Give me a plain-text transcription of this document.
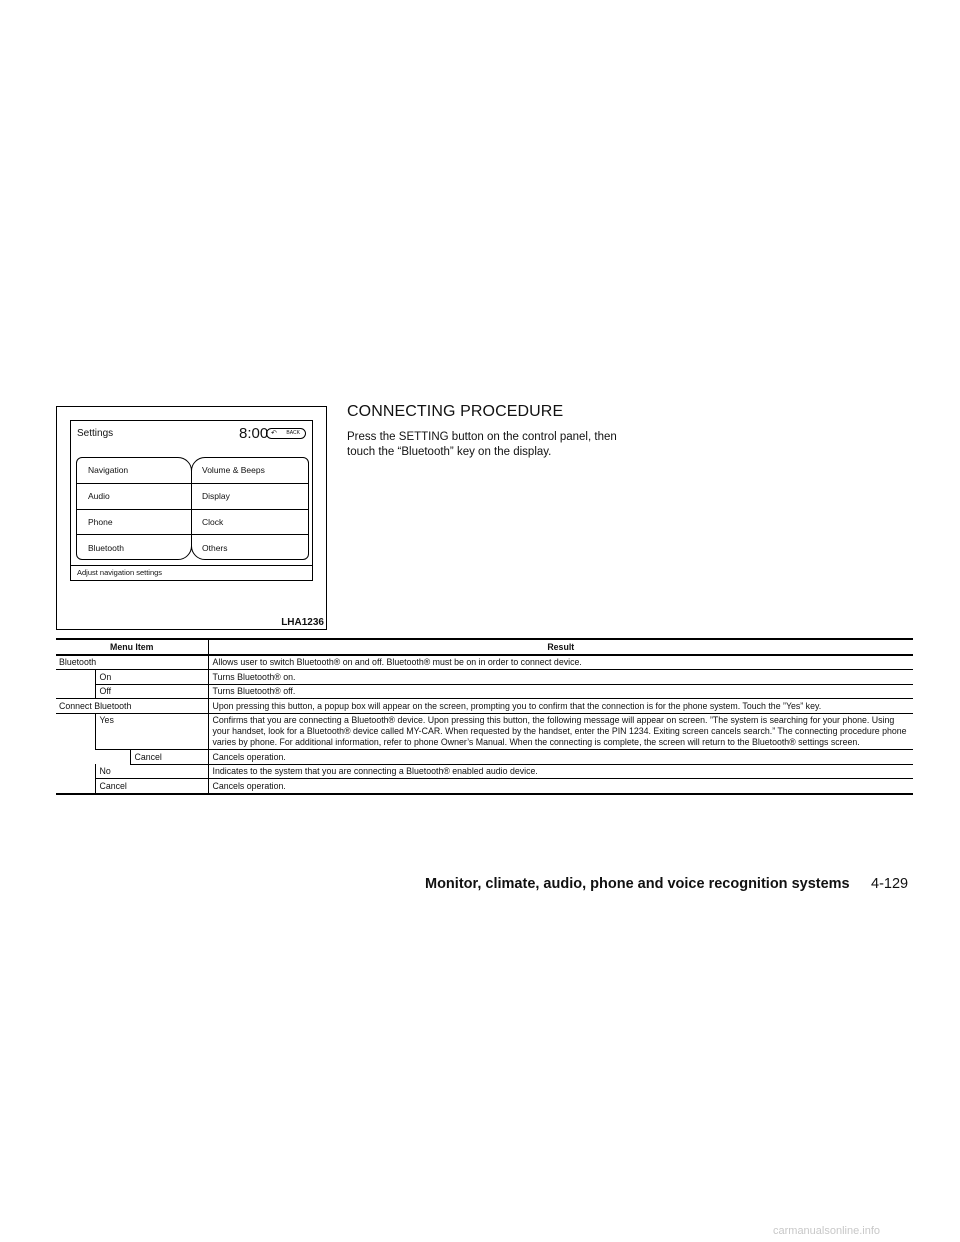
Settings	8:00 ↶ BACK
Navigation
Audio
Phone
Bluetooth
Volume & Beeps
Display
Clock
Others
Adjust navigation settings
LHA1236
CONNECTING PROCEDURE
Press the SETTING button on the control panel, then touch the “Bluetooth” key on the display.
Menu Item			Result
Bluetooth			Allows user to switch Bluetooth® on and off. Bluetooth® must be on in order to connect device.
	On		Turns Bluetooth® on.
	Off		Turns Bluetooth® off.
Connect Bluetooth			Upon pressing this button, a popup box will appear on the screen, prompting you to confirm that the connection is for the phone system. Touch the ”Yes” key.
	Yes		Confirms that you are connecting a Bluetooth® device. Upon pressing this button, the following message will appear on screen. ”The system is searching for your phone. Using your handset, look for a Bluetooth® device called MY-CAR. When requested by the handset, enter the PIN 1234. Exiting screen cancels search.” The connecting procedure phone varies by phone. For additional information, refer to phone Owner’s Manual. When the connecting is complete, the screen will return to the Bluetooth® settings screen.
		Cancel	Cancels operation.
	No		Indicates to the system that you are connecting a Bluetooth® enabled audio device.
	Cancel		Cancels operation.
Monitor, climate, audio, phone and voice recognition systems 4-129
carmanualsonline.info
